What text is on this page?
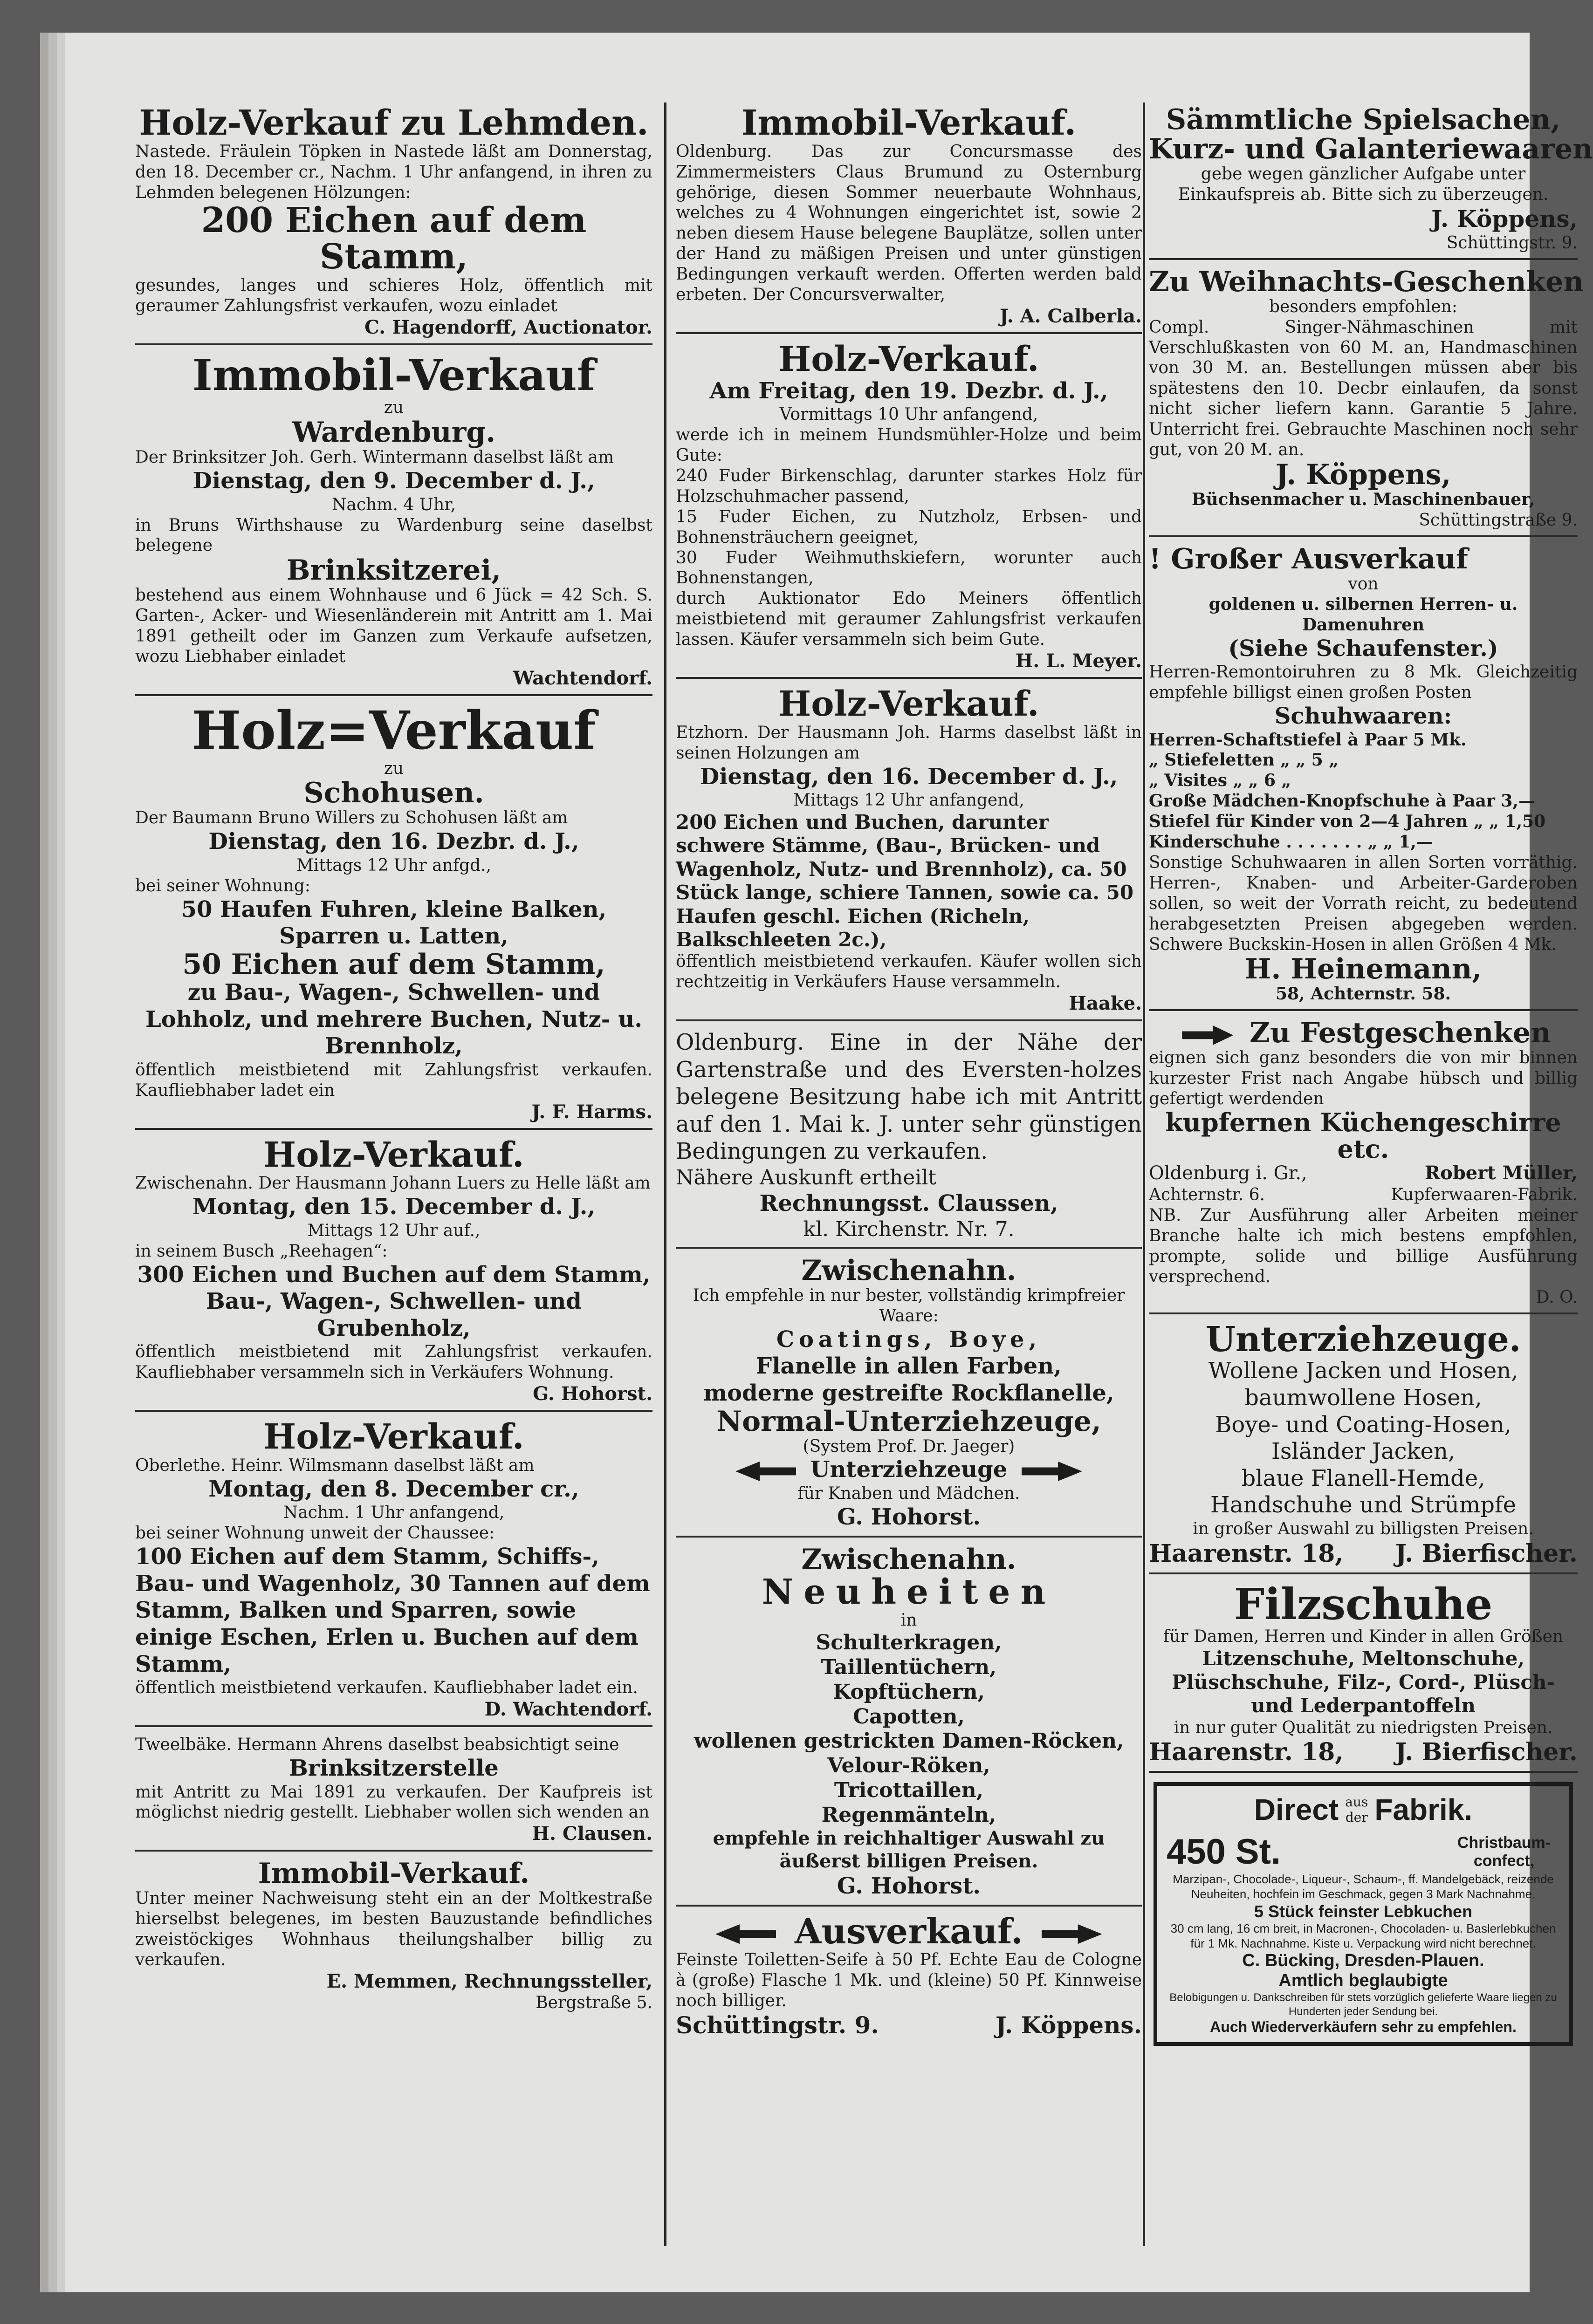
Holz-Verkauf zu Lehmden.
Nastede. Fräulein Töpken in Nastede läßt am Donnerstag, den 18. December cr., Nachm. 1 Uhr anfangend, in ihren zu Lehmden belegenen Hölzungen:
200 Eichen auf dem Stamm,
gesundes, langes und schieres Holz, öffentlich mit geraumer Zahlungsfrist verkaufen, wozu einladet
C. Hagendorff, Auctionator.
Immobil-Verkauf
zu
Wardenburg.
Der Brinksitzer Joh. Gerh. Wintermann daselbst läßt am
Dienstag, den 9. December d. J.,
Nachm. 4 Uhr,
in Bruns Wirthshause zu Wardenburg seine daselbst belegene
Brinksitzerei,
bestehend aus einem Wohnhause und 6 Jück = 42 Sch. S. Garten-, Acker- und Wiesenländerein mit Antritt am 1. Mai 1891 getheilt oder im Ganzen zum Verkaufe aufsetzen, wozu Liebhaber einladet
Wachtendorf.
Holz=Verkauf
zu
Schohusen.
Der Baumann Bruno Willers zu Schohusen läßt am
Dienstag, den 16. Dezbr. d. J.,
Mittags 12 Uhr anfgd.,
bei seiner Wohnung:
50 Haufen Fuhren, kleine Balken, Sparren u. Latten,
50 Eichen auf dem Stamm,
zu Bau-, Wagen-, Schwellen- und Lohholz, und mehrere Buchen, Nutz- u. Brennholz,
öffentlich meistbietend mit Zahlungsfrist verkaufen. Kaufliebhaber ladet ein
J. F. Harms.
Holz-Verkauf.
Zwischenahn. Der Hausmann Johann Luers zu Helle läßt am
Montag, den 15. December d. J.,
Mittags 12 Uhr auf.,
in seinem Busch „Reehagen“:
300 Eichen und Buchen auf dem Stamm, Bau-, Wagen-, Schwellen- und Grubenholz,
öffentlich meistbietend mit Zahlungsfrist verkaufen. Kaufliebhaber versammeln sich in Verkäufers Wohnung.
G. Hohorst.
Holz-Verkauf.
Oberlethe. Heinr. Wilmsmann daselbst läßt am
Montag, den 8. December cr.,
Nachm. 1 Uhr anfangend,
bei seiner Wohnung unweit der Chaussee:
100 Eichen auf dem Stamm, Schiffs-, Bau- und Wagenholz, 30 Tannen auf dem Stamm, Balken und Sparren, sowie einige Eschen, Erlen u. Buchen auf dem Stamm,
öffentlich meistbietend verkaufen. Kaufliebhaber ladet ein.
D. Wachtendorf.
Tweelbäke. Hermann Ahrens daselbst beabsichtigt seine
Brinksitzerstelle
mit Antritt zu Mai 1891 zu verkaufen. Der Kaufpreis ist möglichst niedrig gestellt. Liebhaber wollen sich wenden an
H. Clausen.
Immobil-Verkauf.
Unter meiner Nachweisung steht ein an der Moltkestraße hierselbst belegenes, im besten Bauzustande befindliches zweistöckiges Wohnhaus theilungshalber billig zu verkaufen.
E. Memmen, Rechnungssteller,
Bergstraße 5.
Immobil-Verkauf.
Oldenburg. Das zur Concursmasse des Zimmermeisters Claus Brumund zu Osternburg gehörige, diesen Sommer neuerbaute Wohnhaus, welches zu 4 Wohnungen eingerichtet ist, sowie 2 neben diesem Hause belegene Bauplätze, sollen unter der Hand zu mäßigen Preisen und unter günstigen Bedingungen verkauft werden. Offerten werden bald erbeten. Der Concursverwalter,
J. A. Calberla.
Holz-Verkauf.
Am Freitag, den 19. Dezbr. d. J.,
Vormittags 10 Uhr anfangend,
werde ich in meinem Hundsmühler-Holze und beim Gute:
240 Fuder Birkenschlag, darunter starkes Holz für Holzschuhmacher passend,
15 Fuder Eichen, zu Nutzholz, Erbsen- und Bohnensträuchern geeignet,
30 Fuder Weihmuthskiefern, worunter auch Bohnenstangen,
durch Auktionator Edo Meiners öffentlich meistbietend mit geraumer Zahlungsfrist verkaufen lassen. Käufer versammeln sich beim Gute.
H. L. Meyer.
Holz-Verkauf.
Etzhorn. Der Hausmann Joh. Harms daselbst läßt in seinen Holzungen am
Dienstag, den 16. December d. J.,
Mittags 12 Uhr anfangend,
200 Eichen und Buchen, darunter schwere Stämme, (Bau-, Brücken- und Wagenholz, Nutz- und Brennholz), ca. 50 Stück lange, schiere Tannen, sowie ca. 50 Haufen geschl. Eichen (Richeln, Balkschleeten 2c.),
öffentlich meistbietend verkaufen. Käufer wollen sich rechtzeitig in Verkäufers Hause versammeln.
Haake.
Oldenburg. Eine in der Nähe der Gartenstraße und des Eversten-holzes belegene Besitzung habe ich mit Antritt auf den 1. Mai k. J. unter sehr günstigen Bedingungen zu verkaufen.
Nähere Auskunft ertheilt
Rechnungsst. Claussen,
kl. Kirchenstr. Nr. 7.
Zwischenahn.
Ich empfehle in nur bester, vollständig krimpfreier Waare:
Coatings, Boye,
Flanelle in allen Farben,
moderne gestreifte Rockflanelle,
Normal-Unterziehzeuge,
(System Prof. Dr. Jaeger)
Unterziehzeuge
für Knaben und Mädchen.
G. Hohorst.
Zwischenahn.
Neuheiten
in
Schulterkragen,
Taillentüchern,
Kopftüchern,
Capotten,
wollenen gestrickten Damen-Röcken,
Velour-Röken,
Tricottaillen,
Regenmänteln,
empfehle in reichhaltiger Auswahl zu äußerst billigen Preisen.
G. Hohorst.
Ausverkauf.
Feinste Toiletten-Seife à 50 Pf. Echte Eau de Cologne à (große) Flasche 1 Mk. und (kleine) 50 Pf. Kinnweise noch billiger.
Schüttingstr. 9.	J. Köppens.
Sämmtliche Spielsachen,
Kurz- und Galanteriewaaren
gebe wegen gänzlicher Aufgabe unter Einkaufspreis ab. Bitte sich zu überzeugen.
J. Köppens,
Schüttingstr. 9.
Zu Weihnachts-Geschenken
besonders empfohlen:
Compl. Singer-Nähmaschinen mit Verschlußkasten von 60 M. an, Handmaschinen von 30 M. an. Bestellungen müssen aber bis spätestens den 10. Decbr einlaufen, da sonst nicht sicher liefern kann. Garantie 5 Jahre. Unterricht frei. Gebrauchte Maschinen noch sehr gut, von 20 M. an.
J. Köppens,
Büchsenmacher u. Maschinenbauer,
Schüttingstraße 9.
! Großer Ausverkauf
von
goldenen u. silbernen Herren- u. Damenuhren
(Siehe Schaufenster.)
Herren-Remontoiruhren zu 8 Mk. Gleichzeitig empfehle billigst einen großen Posten
Schuhwaaren:
Herren-Schaftstiefel à Paar 5 Mk.
„ Stiefeletten „ „ 5 „
„ Visites „ „ 6 „
Große Mädchen-Knopfschuhe à Paar 3,—
Stiefel für Kinder von 2—4 Jahren „ „ 1,50
Kinderschuhe . . . . . . . „ „ 1,—
Sonstige Schuhwaaren in allen Sorten vorräthig. Herren-, Knaben- und Arbeiter-Garderoben sollen, so weit der Vorrath reicht, zu bedeutend herabgesetzten Preisen abgegeben werden. Schwere Buckskin-Hosen in allen Größen 4 Mk.
H. Heinemann,
58, Achternstr. 58.
Zu Festgeschenken
eignen sich ganz besonders die von mir binnen kurzester Frist nach Angabe hübsch und billig gefertigt werdenden
kupfernen Küchengeschirre etc.
Oldenburg i. Gr.,	Robert Müller,
Achternstr. 6.	Kupferwaaren-Fabrik.
NB. Zur Ausführung aller Arbeiten meiner Branche halte ich mich bestens empfohlen, prompte, solide und billige Ausführung versprechend.
D. O.
Unterziehzeuge.
Wollene Jacken und Hosen,
baumwollene Hosen,
Boye- und Coating-Hosen,
Isländer Jacken,
blaue Flanell-Hemde,
Handschuhe und Strümpfe
in großer Auswahl zu billigsten Preisen.
Haarenstr. 18, J. Bierfischer.
Filzschuhe
für Damen, Herren und Kinder in allen Größen
Litzenschuhe, Meltonschuhe,
Plüschschuhe, Filz-, Cord-, Plüsch-
und Lederpantoffeln
in nur guter Qualität zu niedrigsten Preisen.
Haarenstr. 18, J. Bierfischer.
Direct aus
der Fabrik.
450 St.	Christbaum-confect,
Marzipan-, Chocolade-, Liqueur-, Schaum-, ff. Mandelgebäck, reizende Neuheiten, hochfein im Geschmack, gegen 3 Mark Nachnahme.
5 Stück feinster Lebkuchen
30 cm lang, 16 cm breit, in Macronen-, Chocoladen- u. Baslerlebkuchen für 1 Mk. Nachnahme. Kiste u. Verpackung wird nicht berechnet.
C. Bücking, Dresden-Plauen.
Amtlich beglaubigte
Belobigungen u. Dankschreiben für stets vorzüglich gelieferte Waare liegen zu Hunderten jeder Sendung bei.
Auch Wiederverkäufern sehr zu empfehlen.
